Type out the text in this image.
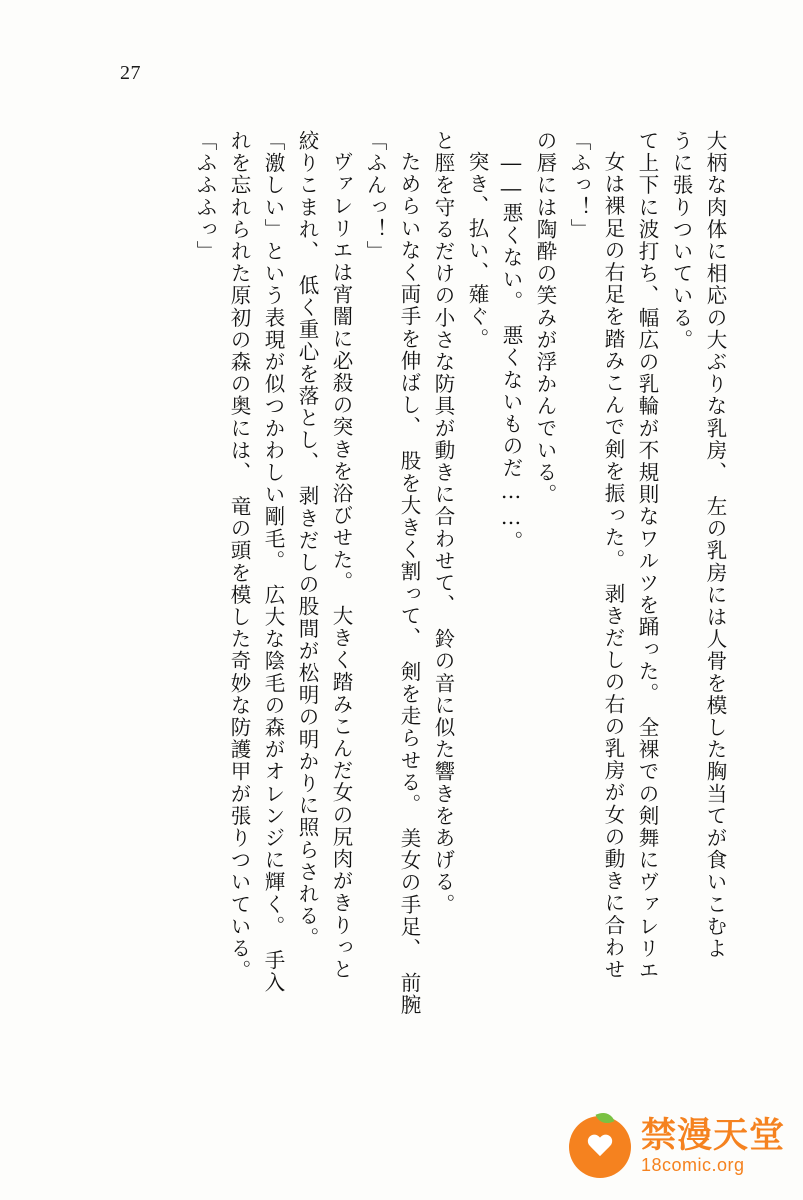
27
大柄な肉体に相応の大ぶりな乳房、　左の乳房には人骨を模した胸当てが食いこむよ
うに張りついている。
て上下に波打ち、幅広の乳輪が不規則なワルツを踊った。　全裸での剣舞にヴァレリエ
女は裸足の右足を踏みこんで剣を振った。　剥きだしの右の乳房が女の動きに合わせ
「ふっ！」
の唇には陶酔の笑みが浮かんでいる。
――悪くない。　悪くないものだ……。
突き、払い、薙ぐ。
と脛を守るだけの小さな防具が動きに合わせて、　鈴の音に似た響きをあげる。
ためらいなく両手を伸ばし、　股を大きく割って、　剣を走らせる。　美女の手足、　前腕
「ふんっ！」
ヴァレリエは宵闇に必殺の突きを浴びせた。　大きく踏みこんだ女の尻肉がきりっと
絞りこまれ、　低く重心を落とし、　剥きだしの股間が松明の明かりに照らされる。
「激しい」という表現が似つかわしい剛毛。　広大な陰毛の森がオレンジに輝く。　手入
れを忘れられた原初の森の奥には、　竜の頭を模した奇妙な防護甲が張りついている。
「ふふふっ」
禁漫天堂
18comic.org
